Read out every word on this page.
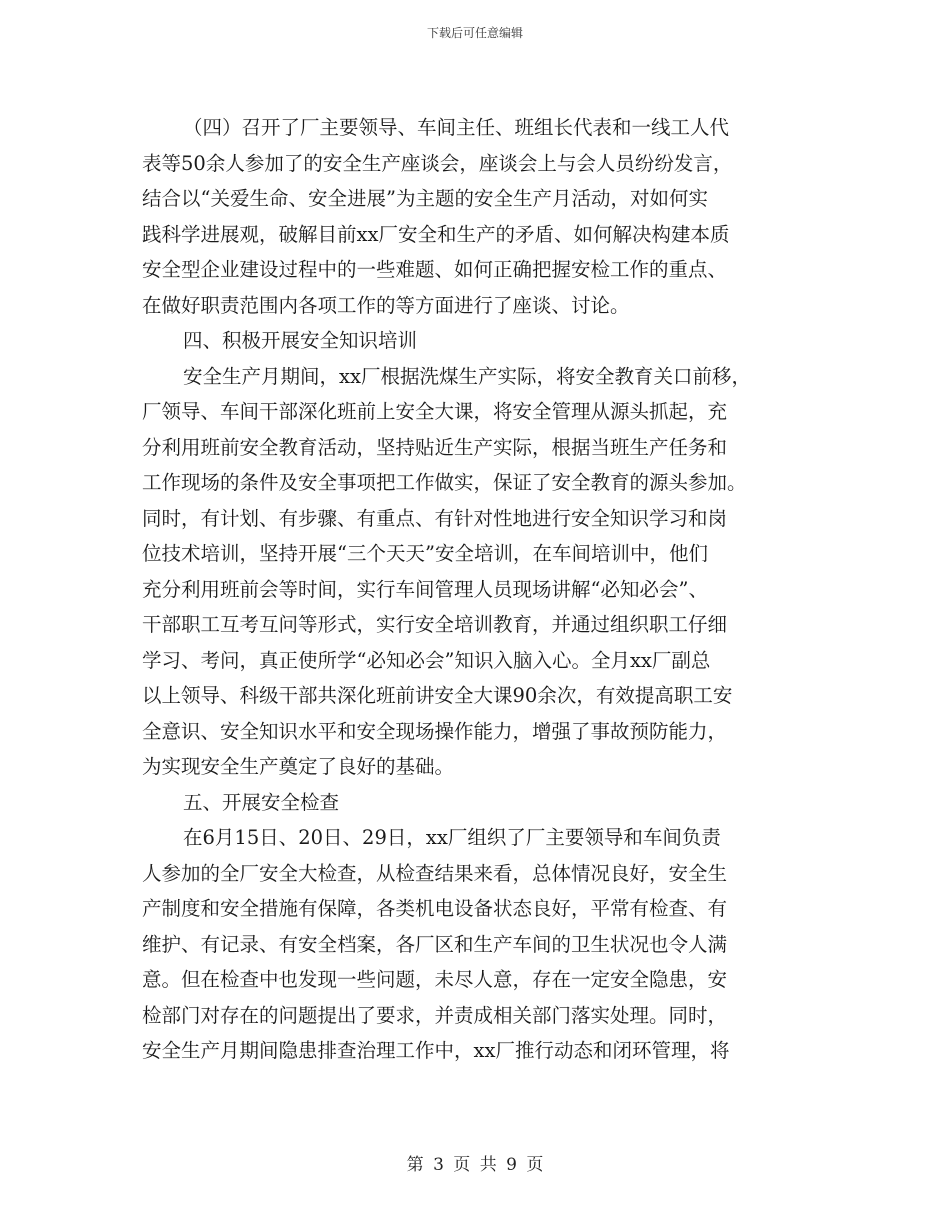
下载后可任意编辑
（四）召开了厂主要领导、车间主任、班组长代表和一线工人代
表等50余人参加了的安全生产座谈会，座谈会上与会人员纷纷发言，
结合以“关爱生命、安全进展”为主题的安全生产月活动，对如何实
践科学进展观，破解目前xx厂安全和生产的矛盾、如何解决构建本质
安全型企业建设过程中的一些难题、如何正确把握安检工作的重点、
在做好职责范围内各项工作的等方面进行了座谈、讨论。
四、积极开展安全知识培训
安全生产月期间，xx厂根据洗煤生产实际，将安全教育关口前移，
厂领导、车间干部深化班前上安全大课，将安全管理从源头抓起，充
分利用班前安全教育活动，坚持贴近生产实际，根据当班生产任务和
工作现场的条件及安全事项把工作做实，保证了安全教育的源头参加。
同时，有计划、有步骤、有重点、有针对性地进行安全知识学习和岗
位技术培训，坚持开展“三个天天”安全培训，在车间培训中，他们
充分利用班前会等时间，实行车间管理人员现场讲解“必知必会”、
干部职工互考互问等形式，实行安全培训教育，并通过组织职工仔细
学习、考问，真正使所学“必知必会”知识入脑入心。全月xx厂副总
以上领导、科级干部共深化班前讲安全大课90余次，有效提高职工安
全意识、安全知识水平和安全现场操作能力，增强了事故预防能力，
为实现安全生产奠定了良好的基础。
五、开展安全检查
在6月15日、20日、29日，xx厂组织了厂主要领导和车间负责
人参加的全厂安全大检查，从检查结果来看，总体情况良好，安全生
产制度和安全措施有保障，各类机电设备状态良好，平常有检查、有
维护、有记录、有安全档案，各厂区和生产车间的卫生状况也令人满
意。但在检查中也发现一些问题，未尽人意，存在一定安全隐患，安
检部门对存在的问题提出了要求，并责成相关部门落实处理。同时，
安全生产月期间隐患排查治理工作中，xx厂推行动态和闭环管理，将
第 3 页 共 9 页
